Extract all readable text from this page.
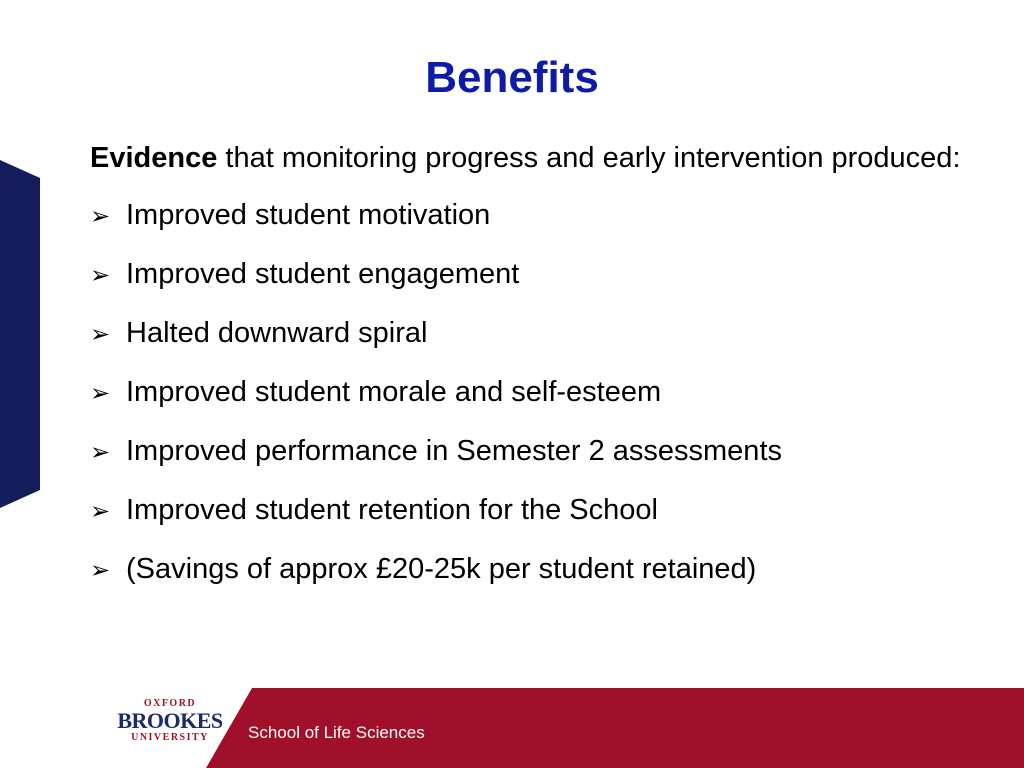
Benefits

Evidence that monitoring progress and early intervention produced:

➢ Improved student motivation
➢ Improved student engagement
➢ Halted downward spiral
➢ Improved student morale and self-esteem
➢ Improved performance in Semester 2 assessments
➢ Improved student retention for the School
➢ (Savings of approx £20-25k per student retained)
OXFORD
BROOKES
UNIVERSITY	School of Life Sciences
